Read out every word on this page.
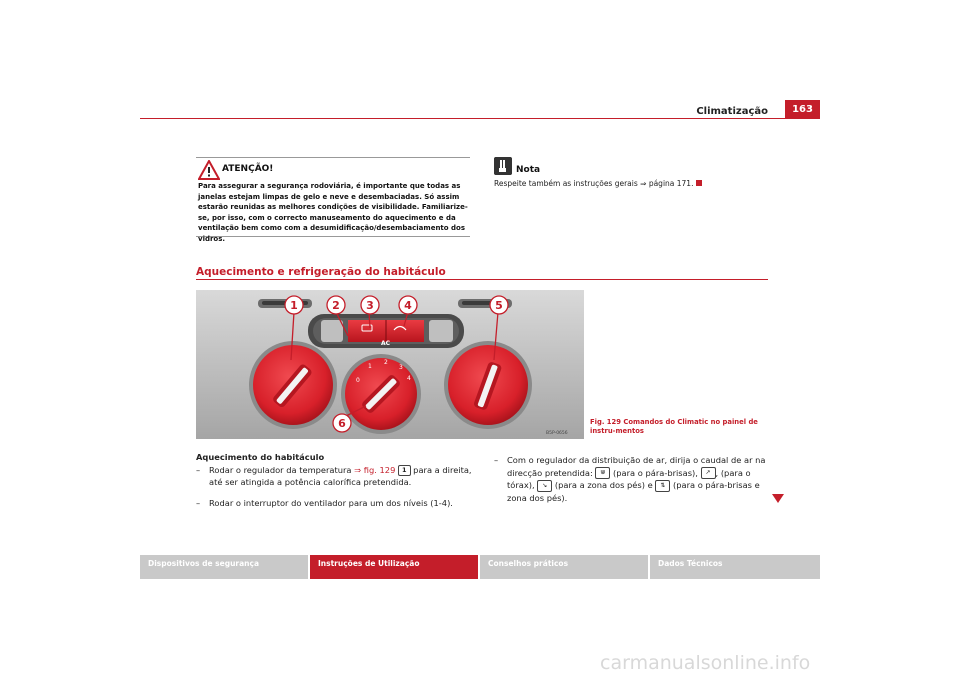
Climatização	163
ATENÇÃO!
Para assegurar a segurança rodoviária, é importante que todas as janelas estejam limpas de gelo e neve e desembaciadas. Só assim estarão reunidas as melhores condições de visibilidade. Familiarize-se, por isso, com o correcto manuseamento do aquecimento e da ventilação bem como com a desumidificação/desembaciamento dos vidros.
Nota
Respeite também as instruções gerais ⇒ página 171.
Aquecimento e refrigeração do habitáculo
AC
0
1
2
3
4
1	2 3	4	5
6
B5P-0656
Fig. 129 Comandos do Climatic no painel de instru-mentos
Aquecimento do habitáculo
– Rodar o regulador da temperatura ⇒ fig. 129 1 para a direita, até ser atingida a potência calorífica pretendida.
– Rodar o interruptor do ventilador para um dos níveis (1-4).
– Com o regulador da distribuição de ar, dirija o caudal de ar na direcção pretendida: ⋓ (para o pára-brisas), ↗ , (para o tórax), ↘ (para a zona dos pés) e ⇅ (para o pára-brisas e zona dos pés).
Dispositivos de segurança	Instruções de Utilização	Conselhos práticos	Dados Técnicos
carmanualsonline.info
